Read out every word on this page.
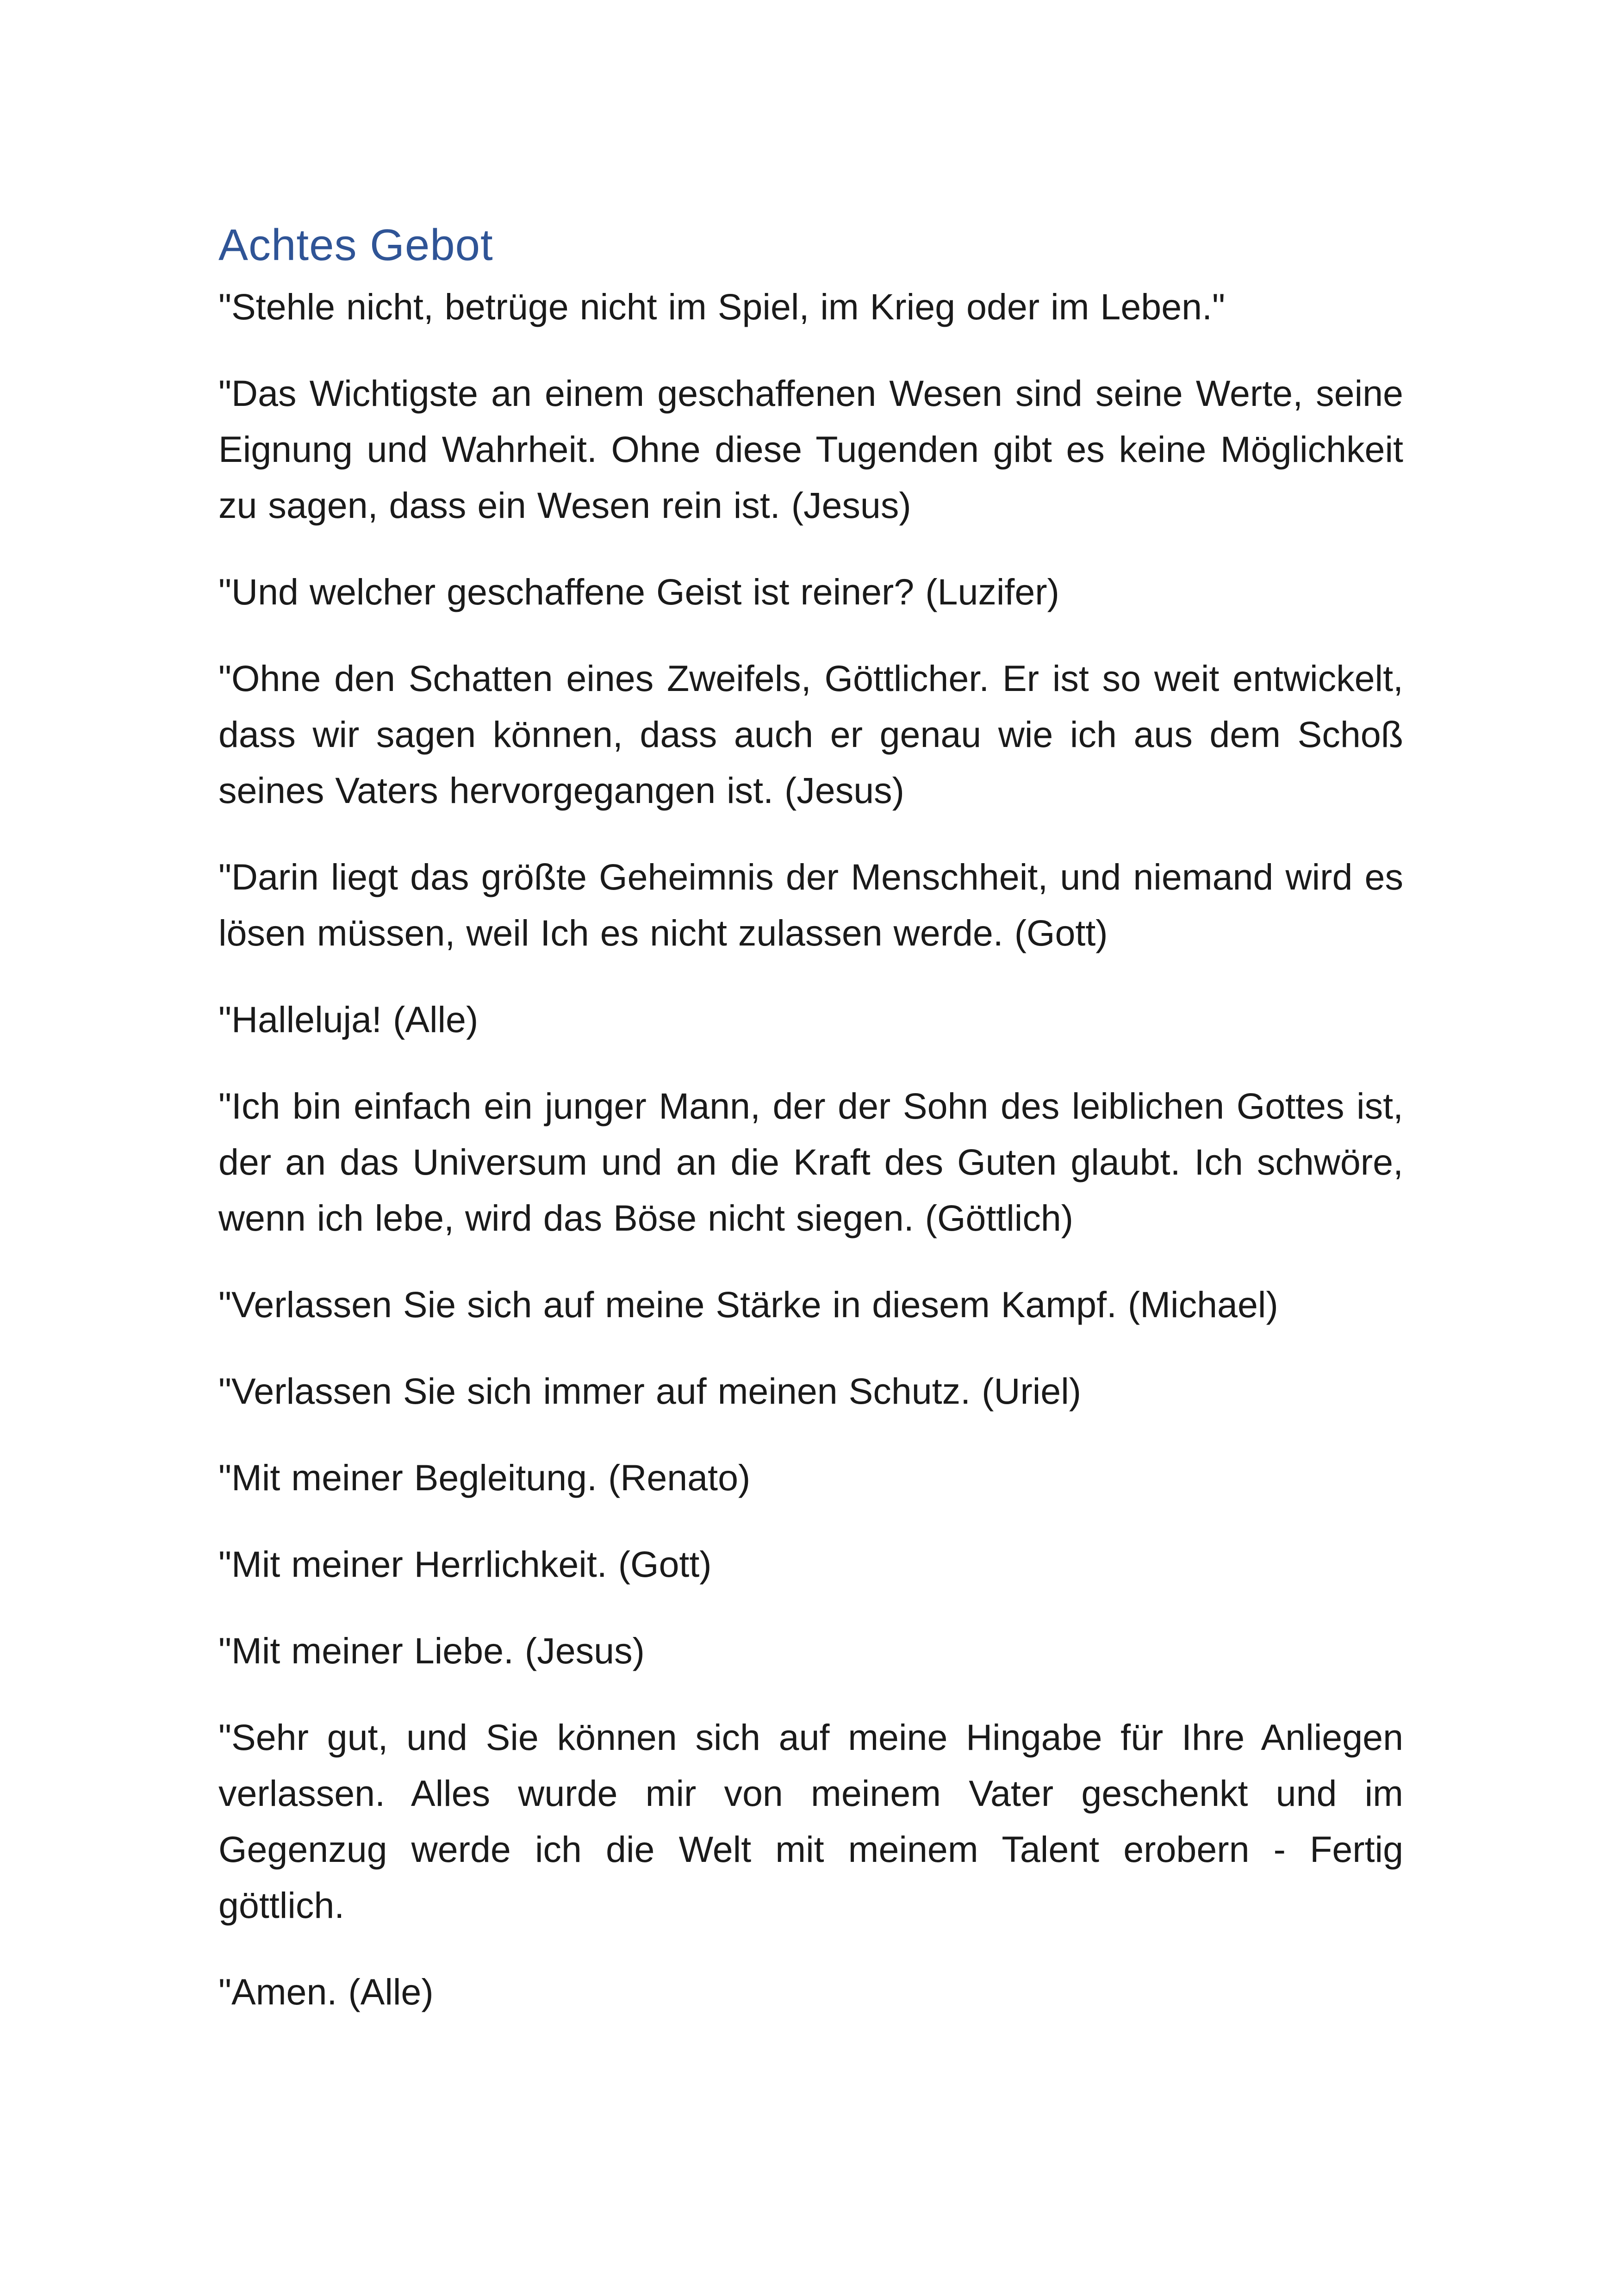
Achtes Gebot

"Stehle nicht, betrüge nicht im Spiel, im Krieg oder im Leben."

"Das Wichtigste an einem geschaffenen Wesen sind seine Werte, seine Eignung und Wahrheit. Ohne diese Tugenden gibt es keine Möglichkeit zu sagen, dass ein Wesen rein ist. (Jesus)

"Und welcher geschaffene Geist ist reiner? (Luzifer)

"Ohne den Schatten eines Zweifels, Göttlicher. Er ist so weit entwickelt, dass wir sagen können, dass auch er genau wie ich aus dem Schoß seines Vaters hervorgegangen ist. (Jesus)

"Darin liegt das größte Geheimnis der Menschheit, und niemand wird es lösen müssen, weil Ich es nicht zulassen werde. (Gott)

"Halleluja! (Alle)

"Ich bin einfach ein junger Mann, der der Sohn des leiblichen Gottes ist, der an das Universum und an die Kraft des Guten glaubt. Ich schwöre, wenn ich lebe, wird das Böse nicht siegen. (Göttlich)

"Verlassen Sie sich auf meine Stärke in diesem Kampf. (Michael)

"Verlassen Sie sich immer auf meinen Schutz. (Uriel)

"Mit meiner Begleitung. (Renato)

"Mit meiner Herrlichkeit. (Gott)

"Mit meiner Liebe. (Jesus)

"Sehr gut, und Sie können sich auf meine Hingabe für Ihre Anliegen verlassen. Alles wurde mir von meinem Vater geschenkt und im Gegenzug werde ich die Welt mit meinem Talent erobern - Fertig göttlich.

"Amen. (Alle)
